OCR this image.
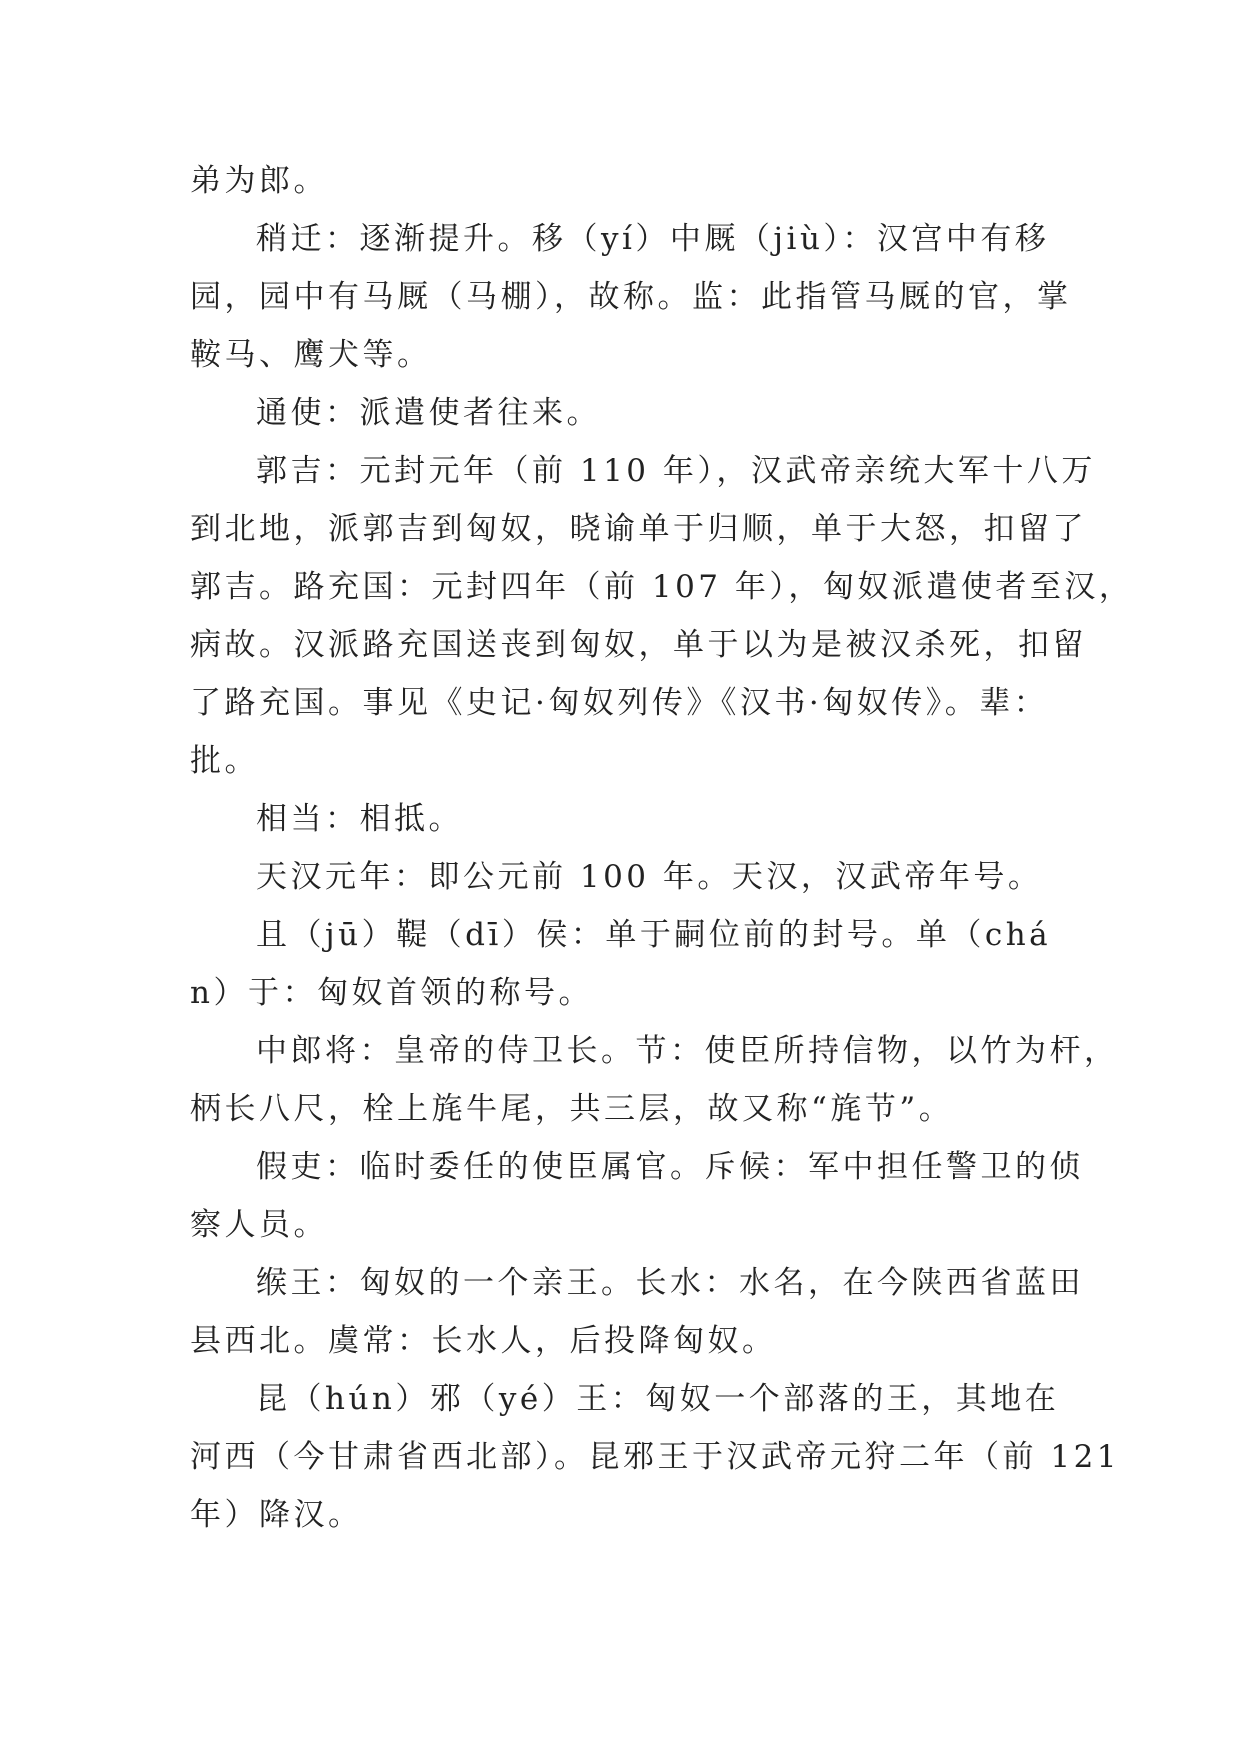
弟为郎。
稍迁：逐渐提升。移（yí）中厩（jiù）：汉宫中有移
园，园中有马厩（马棚），故称。监：此指管马厩的官，掌
鞍马、鹰犬等。
通使：派遣使者往来。
郭吉：元封元年（前 110 年），汉武帝亲统大军十八万
到北地，派郭吉到匈奴，晓谕单于归顺，单于大怒，扣留了
郭吉。路充国：元封四年（前 107 年），匈奴派遣使者至汉，
病故。汉派路充国送丧到匈奴，单于以为是被汉杀死，扣留
了路充国。事见《史记·匈奴列传》《汉书·匈奴传》。辈：
批。
相当：相抵。
天汉元年：即公元前 100 年。天汉，汉武帝年号。
且（jū）鞮（dī）侯：单于嗣位前的封号。单（chá
n）于：匈奴首领的称号。
中郎将：皇帝的侍卫长。节：使臣所持信物，以竹为杆，
柄长八尺，栓上旄牛尾，共三层，故又称“旄节”。
假吏：临时委任的使臣属官。斥候：军中担任警卫的侦
察人员。
缑王：匈奴的一个亲王。长水：水名，在今陕西省蓝田
县西北。虞常：长水人，后投降匈奴。
昆（hún）邪（yé）王：匈奴一个部落的王，其地在
河西（今甘肃省西北部）。昆邪王于汉武帝元狩二年（前 121
年）降汉。
